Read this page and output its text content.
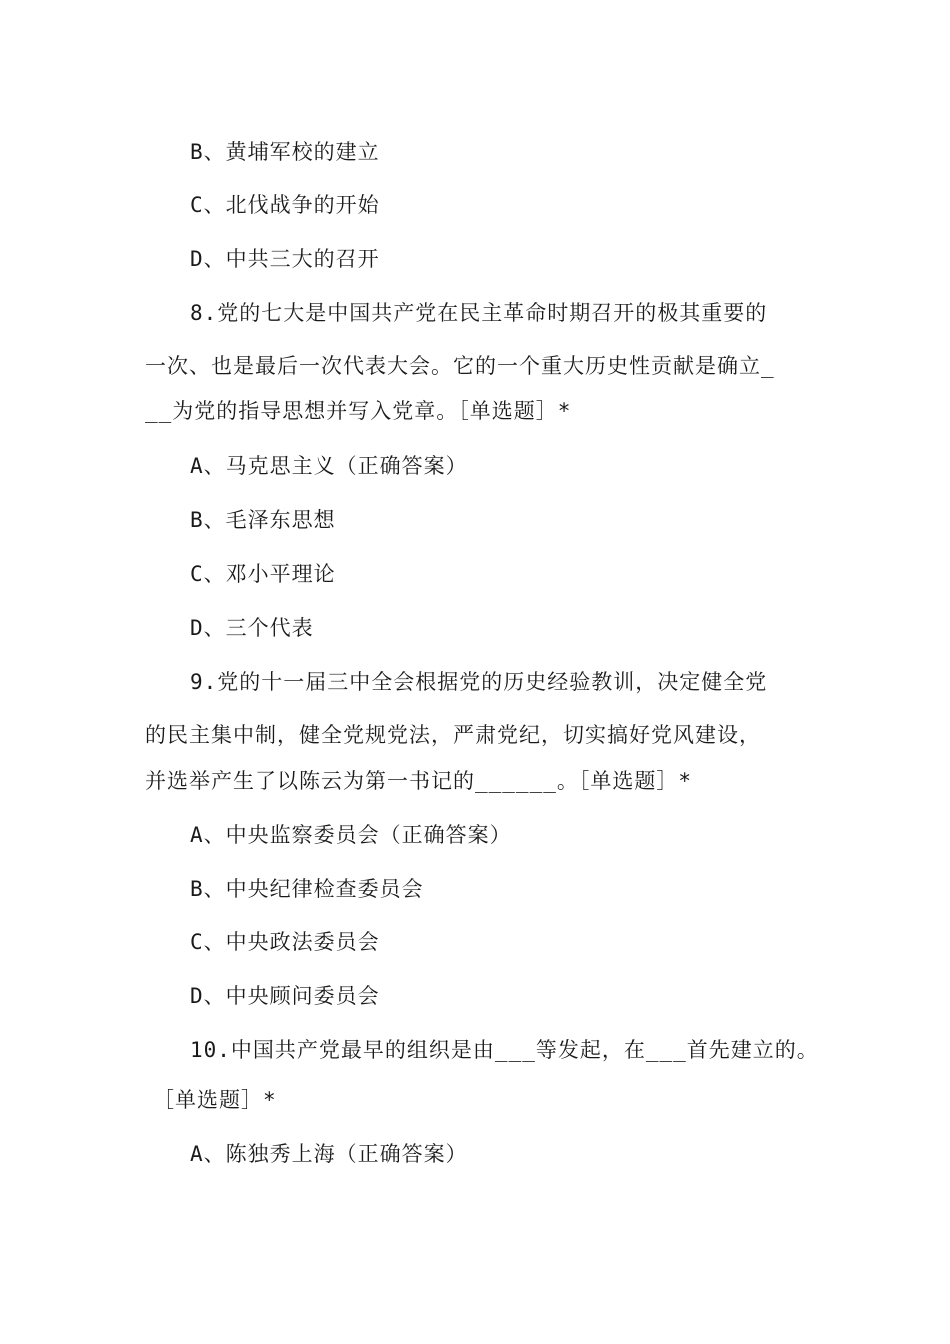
B、黄埔军校的建立
C、北伐战争的开始
D、中共三大的召开
8.党的七大是中国共产党在民主革命时期召开的极其重要的
一次、也是最后一次代表大会。它的一个重大历史性贡献是确立_
__为党的指导思想并写入党章。［单选题］*
A、马克思主义（正确答案）
B、毛泽东思想
C、邓小平理论
D、三个代表
9.党的十一届三中全会根据党的历史经验教训，决定健全党
的民主集中制，健全党规党法，严肃党纪，切实搞好党风建设，
并选举产生了以陈云为第一书记的______。［单选题］*
A、中央监察委员会（正确答案）
B、中央纪律检查委员会
C、中央政法委员会
D、中央顾问委员会
10.中国共产党最早的组织是由___等发起，在___首先建立的。
［单选题］*
A、陈独秀上海（正确答案）
